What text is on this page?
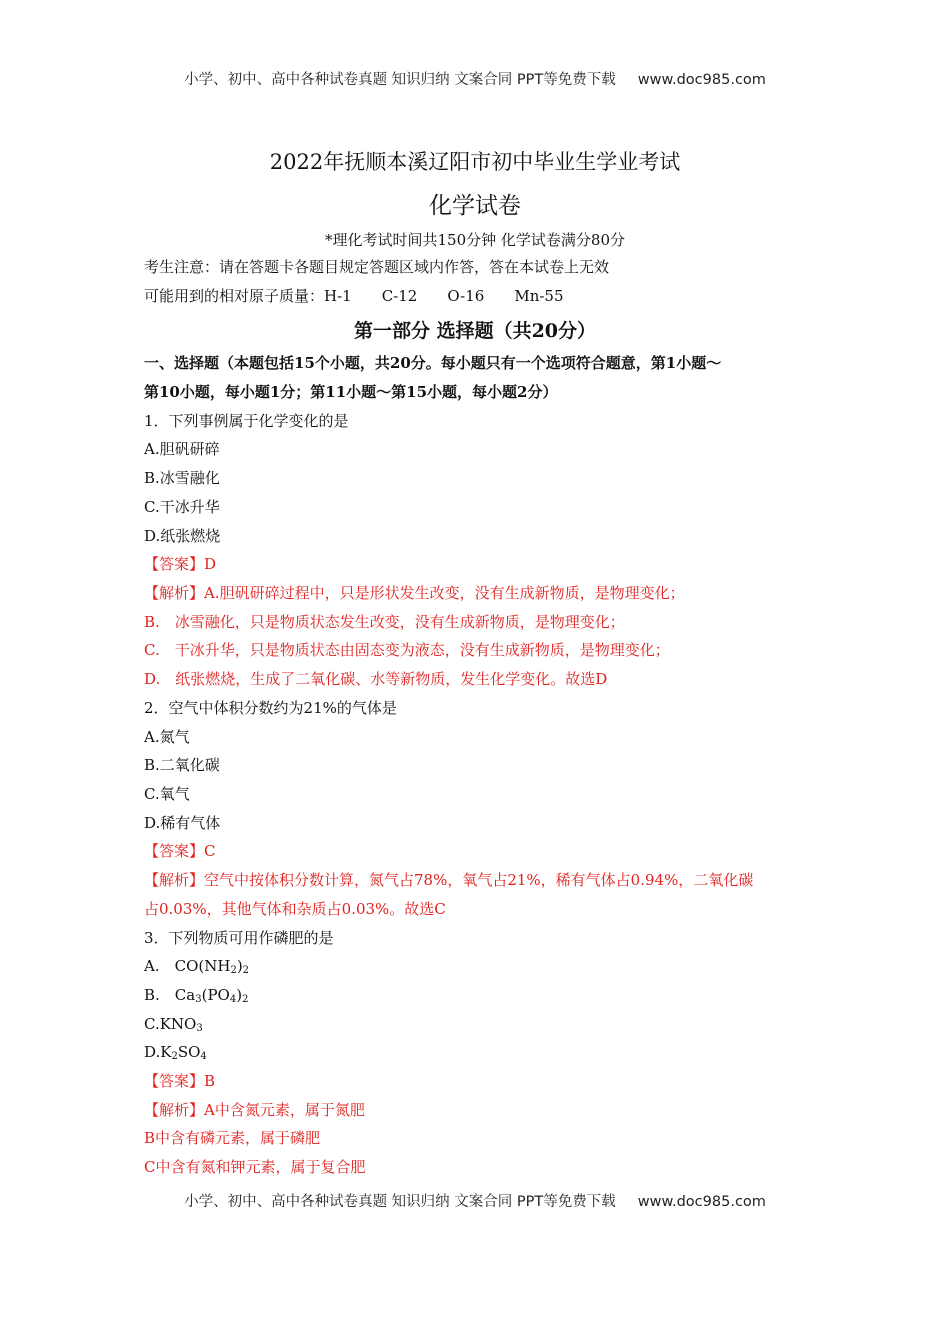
小学、初中、高中各种试卷真题 知识归纳 文案合同 PPT等免费下载 www.doc985.com
2022年抚顺本溪辽阳市初中毕业生学业考试
化学试卷
*理化考试时间共150分钟 化学试卷满分80分
考生注意：请在答题卡各题目规定答题区域内作答，答在本试卷上无效
可能用到的相对原子质量：H-1　　C-12　　O-16　　Mn-55
第一部分 选择题（共20分）
一、选择题（本题包括15个小题，共20分。每小题只有一个选项符合题意，第1小题～
第10小题，每小题1分；第11小题～第15小题，每小题2分）
1．下列事例属于化学变化的是
A.胆矾研碎
B.冰雪融化
C.干冰升华
D.纸张燃烧
【答案】D
【解析】A.胆矾研碎过程中，只是形状发生改变，没有生成新物质，是物理变化；
B.　冰雪融化，只是物质状态发生改变，没有生成新物质，是物理变化；
C.　干冰升华，只是物质状态由固态变为液态，没有生成新物质，是物理变化；
D.　纸张燃烧，生成了二氧化碳、水等新物质，发生化学变化。故选D
2．空气中体积分数约为21%的气体是
A.氮气
B.二氧化碳
C.氧气
D.稀有气体
【答案】C
【解析】空气中按体积分数计算，氮气占78%，氧气占21%，稀有气体占0.94%，二氧化碳
占0.03%，其他气体和杂质占0.03%。故选C
3．下列物质可用作磷肥的是
A.　$CO(NH_2)_2$
B.　$Ca_3(PO_4)_2$
$C.KNO_3$
$D.K_2SO_4$
【答案】B
【解析】A中含氮元素，属于氮肥
B中含有磷元素，属于磷肥
C中含有氮和钾元素，属于复合肥
小学、初中、高中各种试卷真题 知识归纳 文案合同 PPT等免费下载 www.doc985.com
